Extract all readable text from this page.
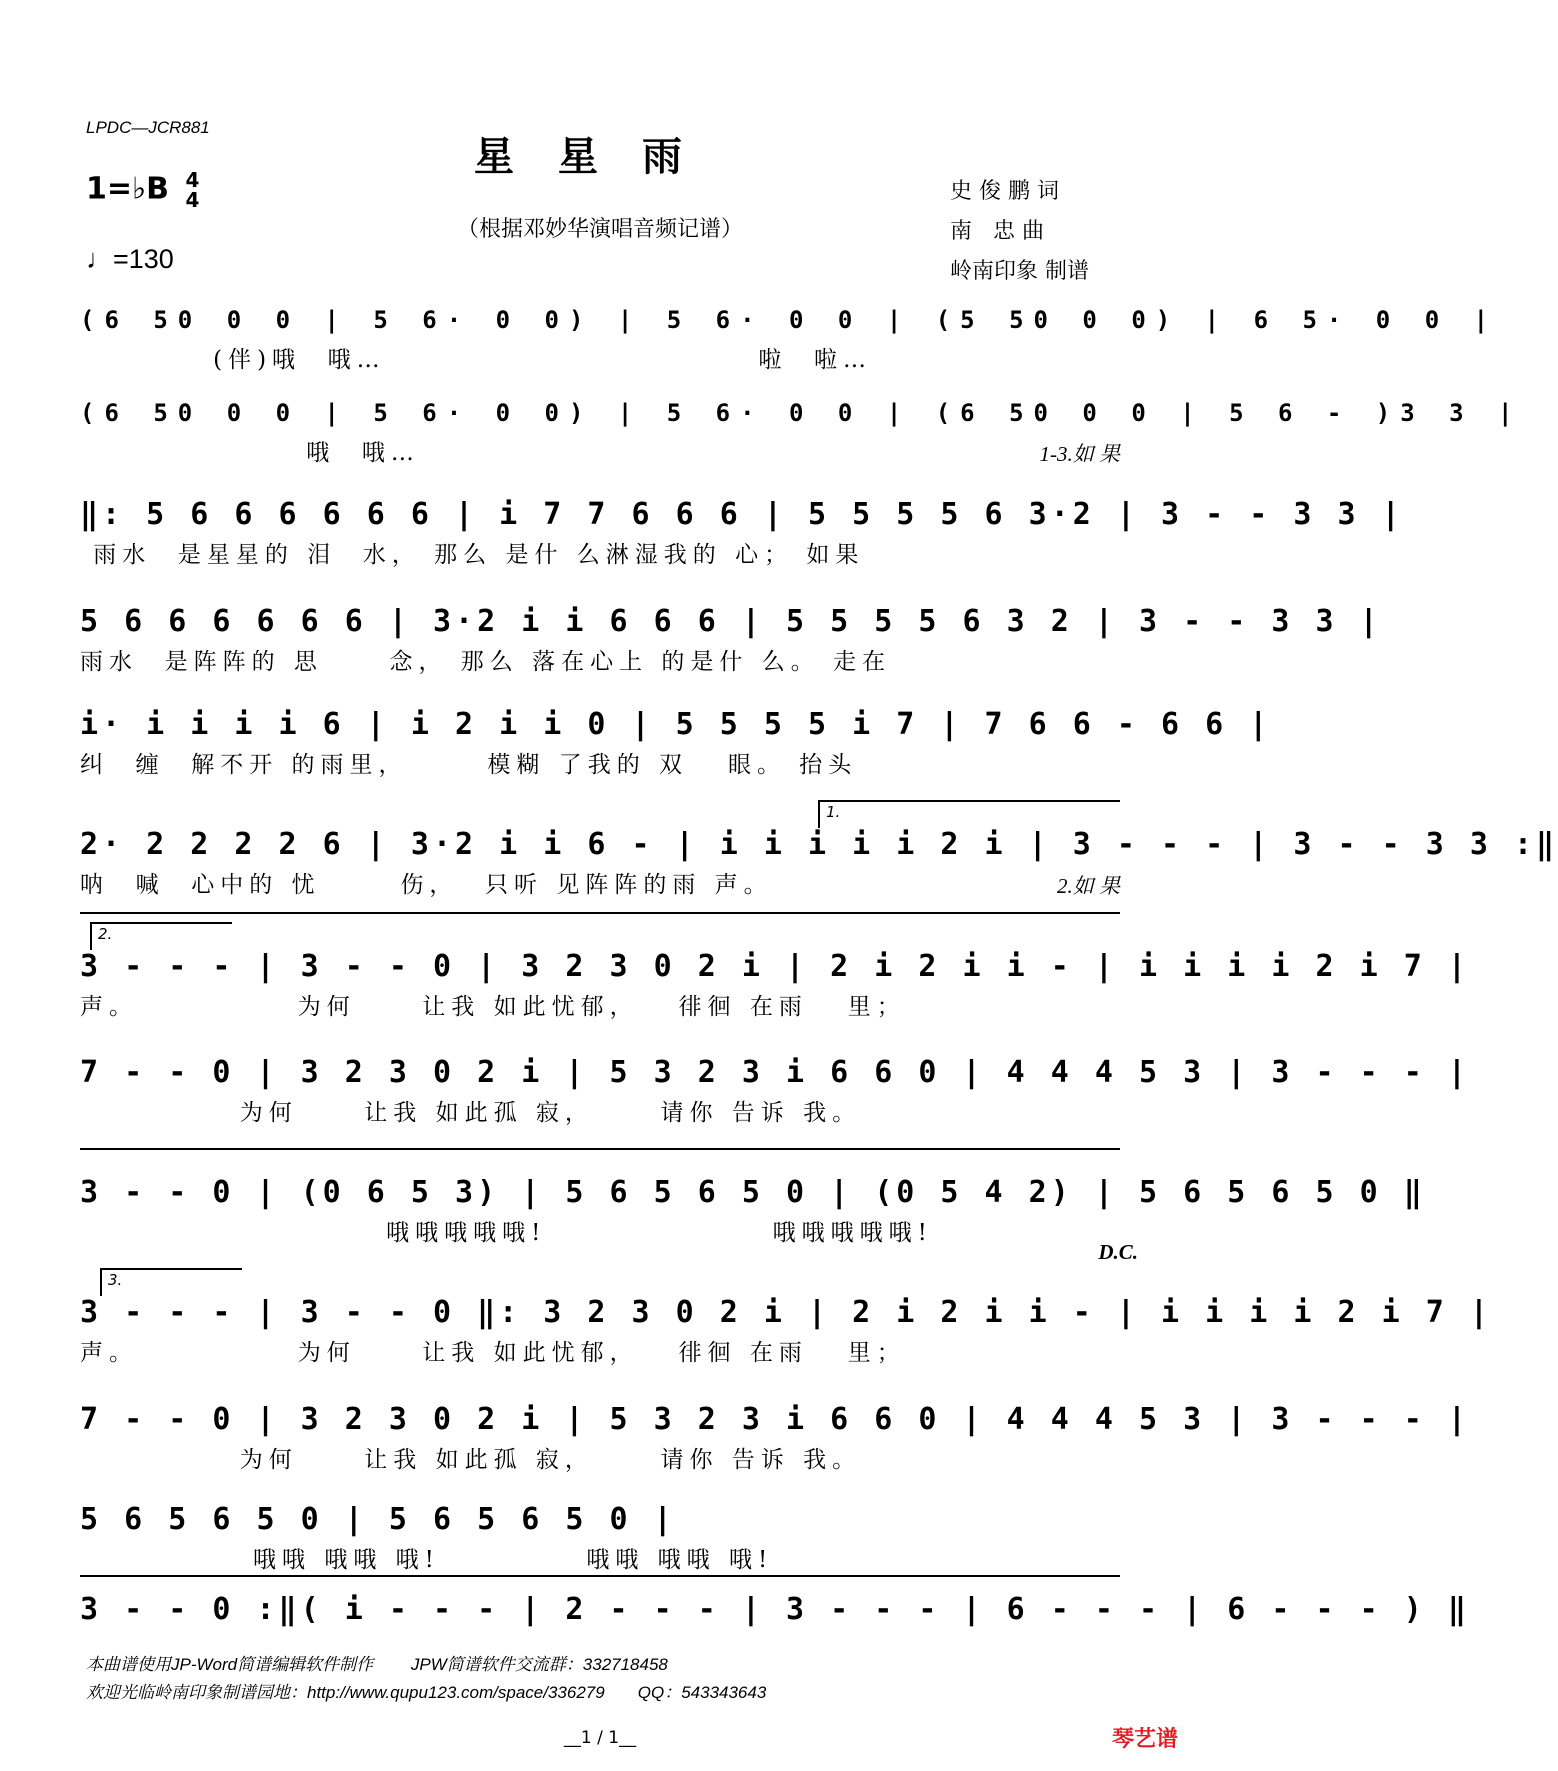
LPDC—JCR881
星星雨
（根据邓妙华演唱音频记谱）
1=♭B 4
4
♩=130
史 俊 鹏 词
南   忠 曲
岭南印象 制谱
(6 50 0 0 | 5 6· 0 0) | 5 6· 0 0 | (5 50 0 0) | 6 5· 0 0 |
(伴)哦  哦…                            啦  啦…
(6 50 0 0 | 5 6· 0 0) | 5 6· 0 0 | (6 50 0 0 | 5 6 - )3 3 |
哦  哦…	1-3.如 果
‖: 5 6 6 6 6 6 6 | i 7 7 6 6 6 | 5 5 5 5 6 3·2 | 3 - - 3 3 |
雨水  是星星的 泪  水， 那么 是什 么淋湿我的 心； 如果
5 6 6 6 6 6 6 | 3·2 i i 6 6 6 | 5 5 5 5 6 3 2 | 3 - - 3 3 |
雨水  是阵阵的 思     念， 那么 落在心上 的是什 么。 走在
i· i i i i 6 | i 2 i i 0 | 5 5 5 5 i 7 | 7 6 6 - 6 6 |
纠  缠  解不开 的雨里，      模糊 了我的 双   眼。 抬头
1.
2· 2 2 2 2 6 | 3·2 i i 6 - | i i i i i 2 i | 3 - - - | 3 - - 3 3 :‖
呐  喊  心中的 忧      伤，  只听 见阵阵的雨 声。	2.如 果
2.
3 - - - | 3 - - 0 | 3 2 3 0 2 i | 2 i 2 i i - | i i i i 2 i 7 |
声。            为何     让我 如此忧郁，   徘徊 在雨   里；
7 - - 0 | 3 2 3 0 2 i | 5 3 2 3 i 6 6 0 | 4 4 4 5 3 | 3 - - - |
为何     让我 如此孤 寂，     请你 告诉 我。
3 - - 0 | (0 6 5 3) | 5 6 5 6 5 0 | (0 5 4 2) | 5 6 5 6 5 0 ‖
哦哦哦哦哦!                 哦哦哦哦哦!
D.C.
3.
3 - - - | 3 - - 0 ‖: 3 2 3 0 2 i | 2 i 2 i i - | i i i i 2 i 7 |
声。            为何     让我 如此忧郁，   徘徊 在雨   里；
7 - - 0 | 3 2 3 0 2 i | 5 3 2 3 i 6 6 0 | 4 4 4 5 3 | 3 - - - |
为何     让我 如此孤 寂，     请你 告诉 我。
5 6 5 6 5 0 | 5 6 5 6 5 0 |
哦哦 哦哦 哦!           哦哦 哦哦 哦!
3 - - 0 :‖( i - - - | 2 - - - | 3 - - - | 6 - - - | 6 - - - ) ‖
本曲谱使用JP-Word简谱编辑软件制作        JPW简谱软件交流群：332718458
欢迎光临岭南印象制谱园地：http://www.qupu123.com/space/336279       QQ：543343643
__1 / 1__	琴艺谱
